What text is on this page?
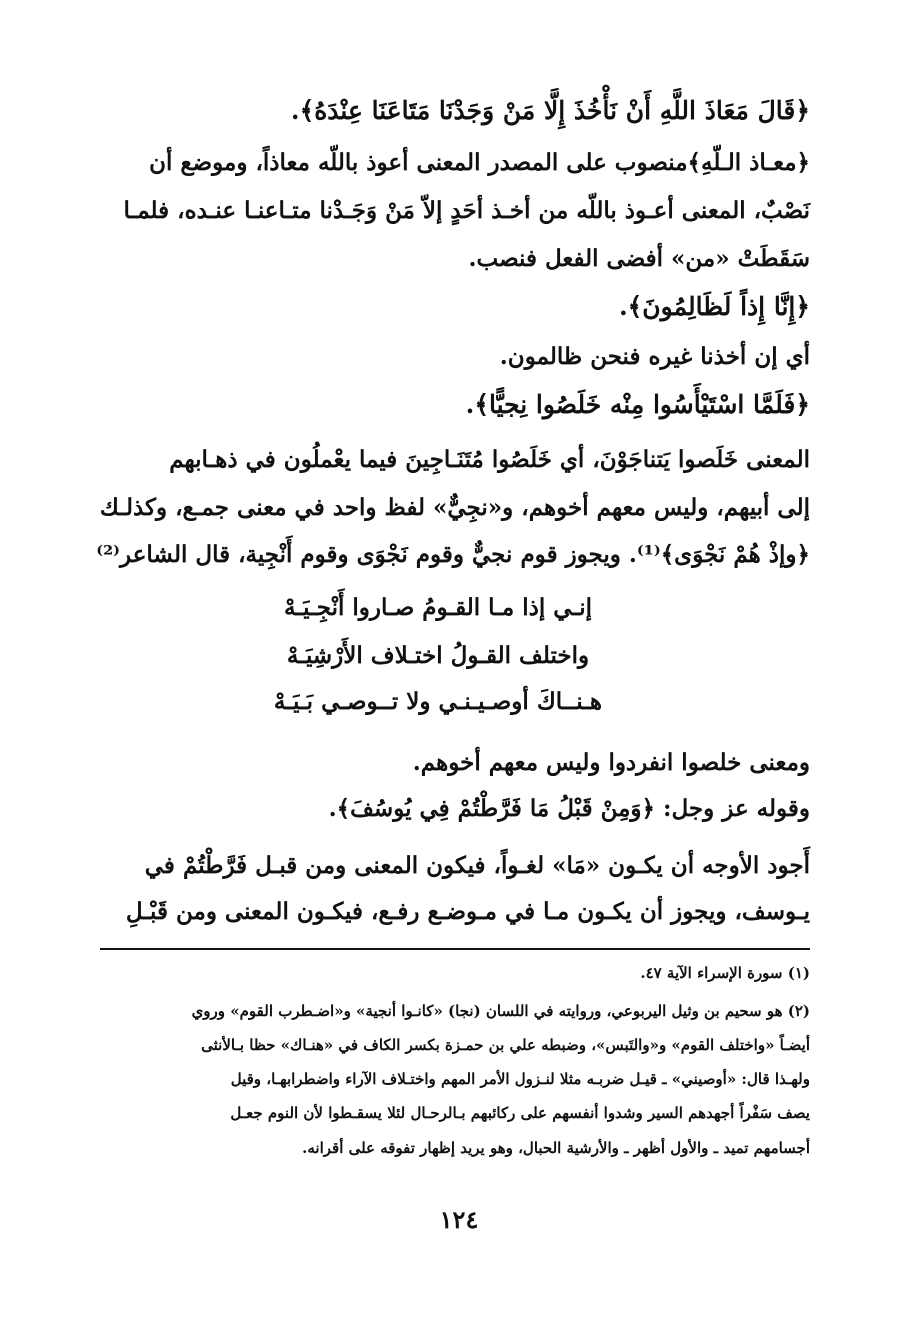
﴿قَالَ مَعَاذَ اللَّهِ أَنْ نَأْخُذَ إِلَّا مَنْ وَجَدْنَا مَتَاعَنَا عِنْدَهُ﴾.
﴿معـاذ الـلّهِ﴾منصوب على المصدر المعنى أعوذ باللّه معاذاً، وموضع أن
نَصْبٌ، المعنى أعـوذ باللّه من أخـذ أحَدٍ إلاّ مَنْ وَجَـدْنا متـاعنـا عنـده، فلمـا
سَقَطَتْ «من» أفضى الفعل فنصب.
﴿إِنَّا إِذاً لَظَالِمُونَ﴾.
أي إن أخذنا غيره فنحن ظالمون.
﴿فَلَمَّا اسْتَيْأَسُوا مِنْه خَلَصُوا نِجيًّا﴾.
المعنى خَلَصوا يَتناجَوْنَ، أي خَلَصُوا مُتَنَـاجِينَ فيما يعْملُون في ذهـابهم
إلى أبيهم، وليس معهم أخوهم، و«نجِيٌّ» لفظ واحد في معنى جمـع، وكذلـك
﴿وإذْ هُمْ نَجْوَى﴾⁽¹⁾. ويجوز قوم نجيٌّ وقوم نَجْوَى وقوم أَنْجِية، قال الشاعر⁽²⁾
إنـي إذا مـا القـومُ صـاروا أَنْجِـيَـهْ
واختلف القـولُ اختـلاف الأَرْشِيَـهْ
هـنــاكَ أوصـيـنـي ولا تــوصـي بَـيَـهْ
ومعنى خلصوا انفردوا وليس معهم أخوهم.
وقوله عز وجل: ﴿وَمِنْ قَبْلُ مَا فَرَّطْتُمْ فِي يُوسُفَ﴾.
أَجود الأوجه أن يكـون «مَا» لغـواً، فيكون المعنى ومن قبـل فَرَّطْتُمْ في
يـوسف، ويجوز أن يكـون مـا في مـوضـع رفـع، فيكـون المعنى ومن قَبْـلِ
(١) سورة الإسراء الآية ٤٧.
(٢) هو سحيم بن وثيل اليربوعي، وروايته في اللسان (نجا) «كانـوا أنجية» و«اضـطرب القوم» وروي
أيضـاً «واختلف القوم» و«والتَبس»، وضبطه علي بن حمـزة بكسر الكاف في «هنـاك» حظا بـالأنثى
ولهـذا قال: «أوصيني» ـ قيـل ضربـه مثلا لنـزول الأمر المهم واختـلاف الآراء واضطرابهـا، وقيل
يصف سَفْراً أجهدهم السير وشدوا أنفسهم على ركائبهم بـالرحـال لئلا يسقـطوا لأن النوم جعـل
أجسامهم تميد ـ والأول أظهر ـ والأرشية الحبال، وهو يريد إظهار تفوقه على أقرانه.
١٢٤
